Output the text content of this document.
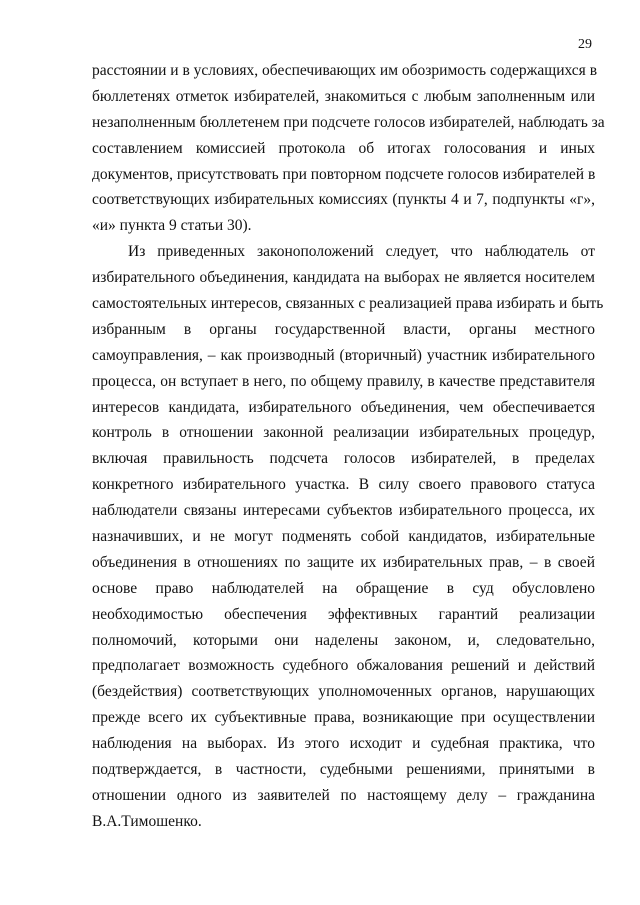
29
расстоянии и в условиях, обеспечивающих им обозримость содержащихся в
бюллетенях отметок избирателей, знакомиться с любым заполненным или
незаполненным бюллетенем при подсчете голосов избирателей, наблюдать за
составлением комиссией протокола об итогах голосования и иных
документов, присутствовать при повторном подсчете голосов избирателей в
соответствующих избирательных комиссиях (пункты 4 и 7, подпункты «г»,
«и» пункта 9 статьи 30).
Из приведенных законоположений следует, что наблюдатель от
избирательного объединения, кандидата на выборах не является носителем
самостоятельных интересов, связанных с реализацией права избирать и быть
избранным в органы государственной власти, органы местного
самоуправления, – как производный (вторичный) участник избирательного
процесса, он вступает в него, по общему правилу, в качестве представителя
интересов кандидата, избирательного объединения, чем обеспечивается
контроль в отношении законной реализации избирательных процедур,
включая правильность подсчета голосов избирателей, в пределах
конкретного избирательного участка. В силу своего правового статуса
наблюдатели связаны интересами субъектов избирательного процесса, их
назначивших, и не могут подменять собой кандидатов, избирательные
объединения в отношениях по защите их избирательных прав, – в своей
основе право наблюдателей на обращение в суд обусловлено
необходимостью обеспечения эффективных гарантий реализации
полномочий, которыми они наделены законом, и, следовательно,
предполагает возможность судебного обжалования решений и действий
(бездействия) соответствующих уполномоченных органов, нарушающих
прежде всего их субъективные права, возникающие при осуществлении
наблюдения на выборах. Из этого исходит и судебная практика, что
подтверждается, в частности, судебными решениями, принятыми в
отношении одного из заявителей по настоящему делу – гражданина
В.А.Тимошенко.
